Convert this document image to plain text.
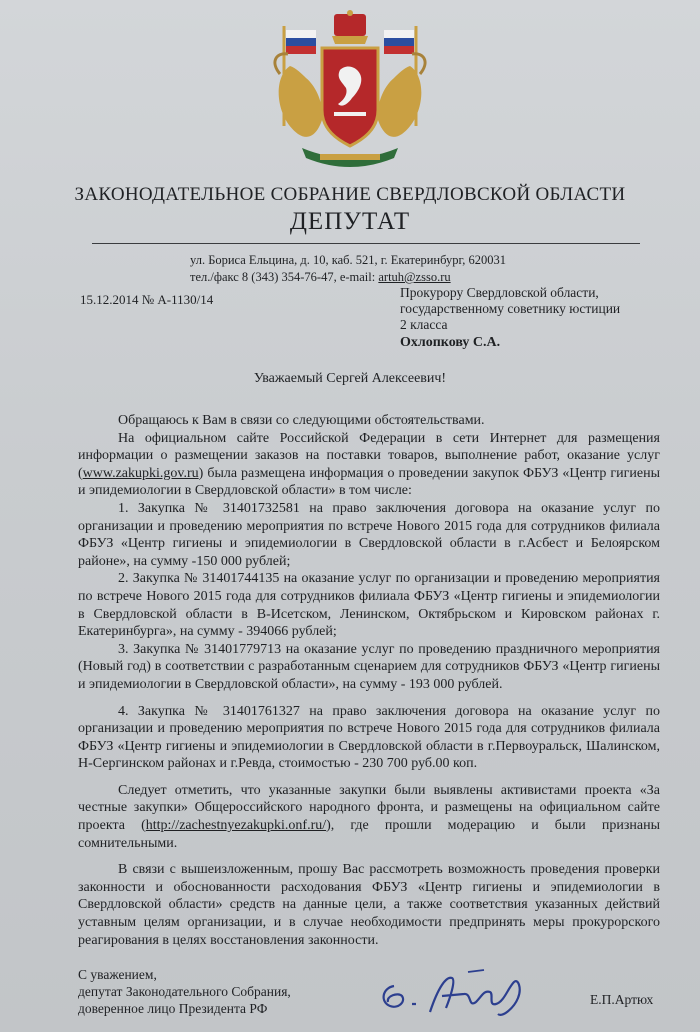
ЗАКОНОДАТЕЛЬНОЕ СОБРАНИЕ СВЕРДЛОВСКОЙ ОБЛАСТИ
ДЕПУТАТ
ул. Бориса Ельцина, д. 10, каб. 521, г. Екатеринбург, 620031
тел./факс 8 (343) 354-76-47, e-mail: artuh@zsso.ru
15.12.2014 № А-1130/14	Прокурору Свердловской области,
государственному советнику юстиции
2 класса
Охлопкову С.А.
Уважаемый Сергей Алексеевич!

Обращаюсь к Вам в связи со следующими обстоятельствами.

На официальном сайте Российской Федерации в сети Интернет для размещения информации о размещении заказов на поставки товаров, выполнение работ, оказание услуг (www.zakupki.gov.ru) была размещена информация о проведении закупок ФБУЗ «Центр гигиены и эпидемиологии в Свердловской области» в том числе:

1. Закупка № 31401732581 на право заключения договора на оказание услуг по организации и проведению мероприятия по встрече Нового 2015 года для сотрудников филиала ФБУЗ «Центр гигиены и эпидемиологии в Свердловской области в г.Асбест и Белоярском районе», на сумму -150 000 рублей;

2. Закупка № 31401744135 на оказание услуг по организации и проведению мероприятия по встрече Нового 2015 года для сотрудников филиала ФБУЗ «Центр гигиены и эпидемиологии в Свердловской области в В-Исетском, Ленинском, Октябрьском и Кировском районах г. Екатеринбурга», на сумму - 394066 рублей;

3. Закупка № 31401779713 на оказание услуг по проведению праздничного мероприятия (Новый год) в соответствии с разработанным сценарием для сотрудников ФБУЗ «Центр гигиены и эпидемиологии в Свердловской области», на сумму - 193 000 рублей.

4. Закупка № 31401761327 на право заключения договора на оказание услуг по организации и проведению мероприятия по встрече Нового 2015 года для сотрудников филиала ФБУЗ «Центр гигиены и эпидемиологии в Свердловской области в г.Первоуральск, Шалинском, Н-Сергинском районах и г.Ревда, стоимостью - 230 700 руб.00 коп.

Следует отметить, что указанные закупки были выявлены активистами проекта «За честные закупки» Общероссийского народного фронта, и размещены на официальном сайте проекта (http://zachestnyezakupki.onf.ru/), где прошли модерацию и были признаны сомнительными.

В связи с вышеизложенным, прошу Вас рассмотреть возможность проведения проверки законности и обоснованности расходования ФБУЗ «Центр гигиены и эпидемиологии в Свердловской области» средств на данные цели, а также соответствия указанных действий уставным целям организации, и в случае необходимости предпринять меры прокурорского реагирования в целях восстановления законности.

С уважением,
депутат Законодательного Собрания,
доверенное лицо Президента РФ
Е.П.Артюх
